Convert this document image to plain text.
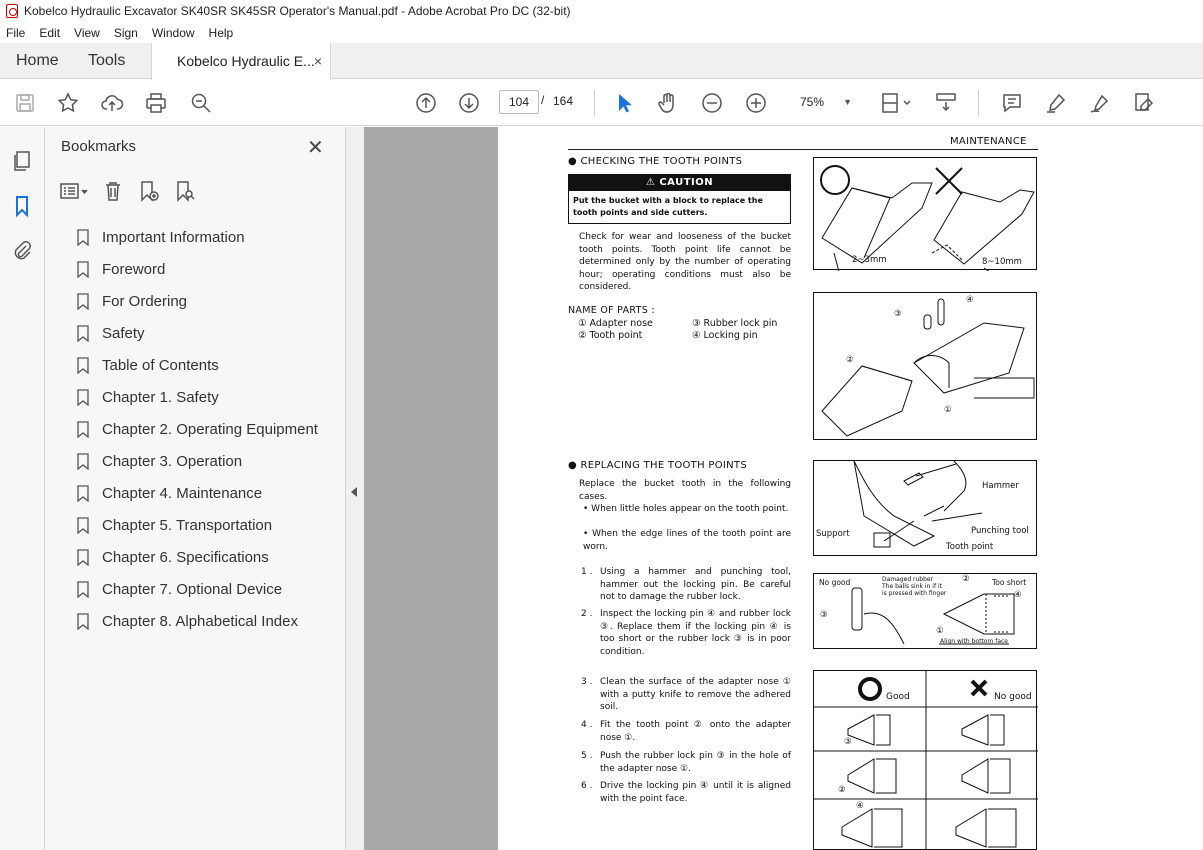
Kobelco Hydraulic Excavator SK40SR SK45SR Operator's Manual.pdf - Adobe Acrobat Pro DC (32-bit)
File Edit View Sign Window Help
Home Tools	Kobelco Hydraulic E... ×
104 / 164	75% ▼
Bookmarks	✕
Important Information
Foreword
For Ordering
Safety
Table of Contents
Chapter 1. Safety
Chapter 2. Operating Equipment
Chapter 3. Operation
Chapter 4. Maintenance
Chapter 5. Transportation
Chapter 6. Specifications
Chapter 7. Optional Device
Chapter 8. Alphabetical Index
MAINTENANCE
● CHECKING THE TOOTH POINTS
⚠ CAUTION
Put the bucket with a block to replace the tooth points and side cutters.
Check for wear and looseness of the bucket tooth points. Tooth point life cannot be determined only by the number of operating hour; operating conditions must also be considered.
NAME OF PARTS :
① Adapter nose	③ Rubber lock pin
② Tooth point	④ Locking pin
2~3mm	8~10mm
④
③
②
①
● REPLACING THE TOOTH POINTS
Replace the bucket tooth in the following cases.
• When little holes appear on the tooth point.
• When the edge lines of the tooth point are worn.
1 . Using a hammer and punching tool, hammer out the locking pin. Be careful not to damage the rubber lock.
2 . Inspect the locking pin ④ and rubber lock ③. Replace them if the locking pin ④ is too short or the rubber lock ③ is in poor condition.
3 . Clean the surface of the adapter nose ① with a putty knife to remove the adhered soil.
4 . Fit the tooth point ② onto the adapter nose ①.
5 . Push the rubber lock pin ③ in the hole of the adapter nose ①.
6 . Drive the locking pin ④ until it is aligned with the point face.
Hammer
Punching tool
Support
Tooth point
No good	Damaged rubber
The balls sink in if it
is pressed with finger
②	Too short
④
③
①
Align with bottom face
Good	No good
③
②
④
